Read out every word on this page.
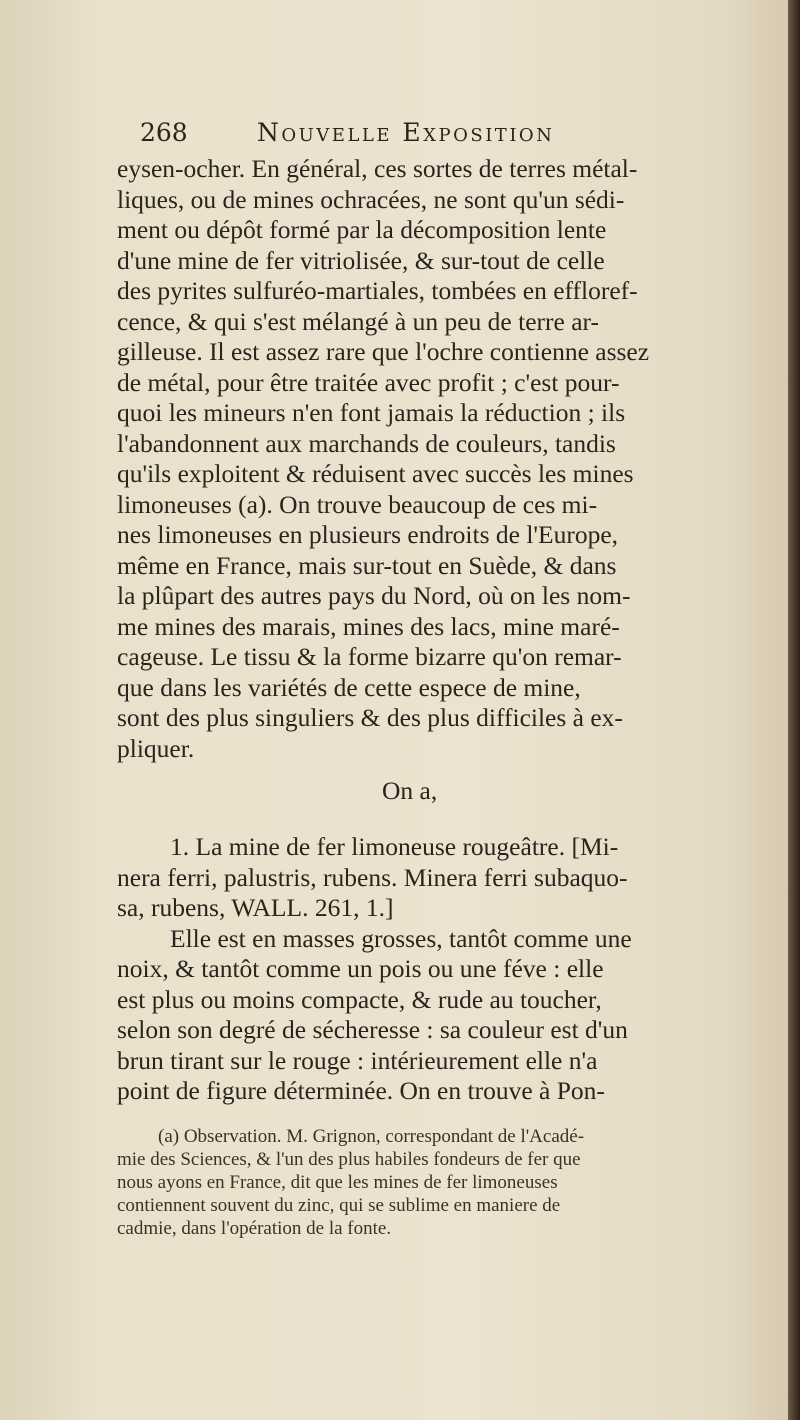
268	Nouvelle Exposition
eysen-ocher. En général, ces sortes de terres métal-
liques, ou de mines ochracées, ne sont qu'un sédi-
ment ou dépôt formé par la décomposition lente
d'une mine de fer vitriolisée, & sur-tout de celle
des pyrites sulfuréo-martiales, tombées en effloref-
cence, & qui s'est mélangé à un peu de terre ar-
gilleuse. Il est assez rare que l'ochre contienne assez
de métal, pour être traitée avec profit ; c'est pour-
quoi les mineurs n'en font jamais la réduction ; ils
l'abandonnent aux marchands de couleurs, tandis
qu'ils exploitent & réduisent avec succès les mines
limoneuses (a). On trouve beaucoup de ces mi-
nes limoneuses en plusieurs endroits de l'Europe,
même en France, mais sur-tout en Suède, & dans
la plûpart des autres pays du Nord, où on les nom-
me mines des marais, mines des lacs, mine maré-
cageuse. Le tissu & la forme bizarre qu'on remar-
que dans les variétés de cette espece de mine,
sont des plus singuliers & des plus difficiles à ex-
pliquer.
On a,
1. La mine de fer limoneuse rougeâtre. [Mi-
nera ferri, palustris, rubens. Minera ferri subaquo-
sa, rubens, WALL. 261, 1.]
Elle est en masses grosses, tantôt comme une
noix, & tantôt comme un pois ou une féve : elle
est plus ou moins compacte, & rude au toucher,
selon son degré de sécheresse : sa couleur est d'un
brun tirant sur le rouge : intérieurement elle n'a
point de figure déterminée. On en trouve à Pon-
(a) Observation. M. Grignon, correspondant de l'Acadé-
mie des Sciences, & l'un des plus habiles fondeurs de fer que
nous ayons en France, dit que les mines de fer limoneuses
contiennent souvent du zinc, qui se sublime en maniere de
cadmie, dans l'opération de la fonte.
